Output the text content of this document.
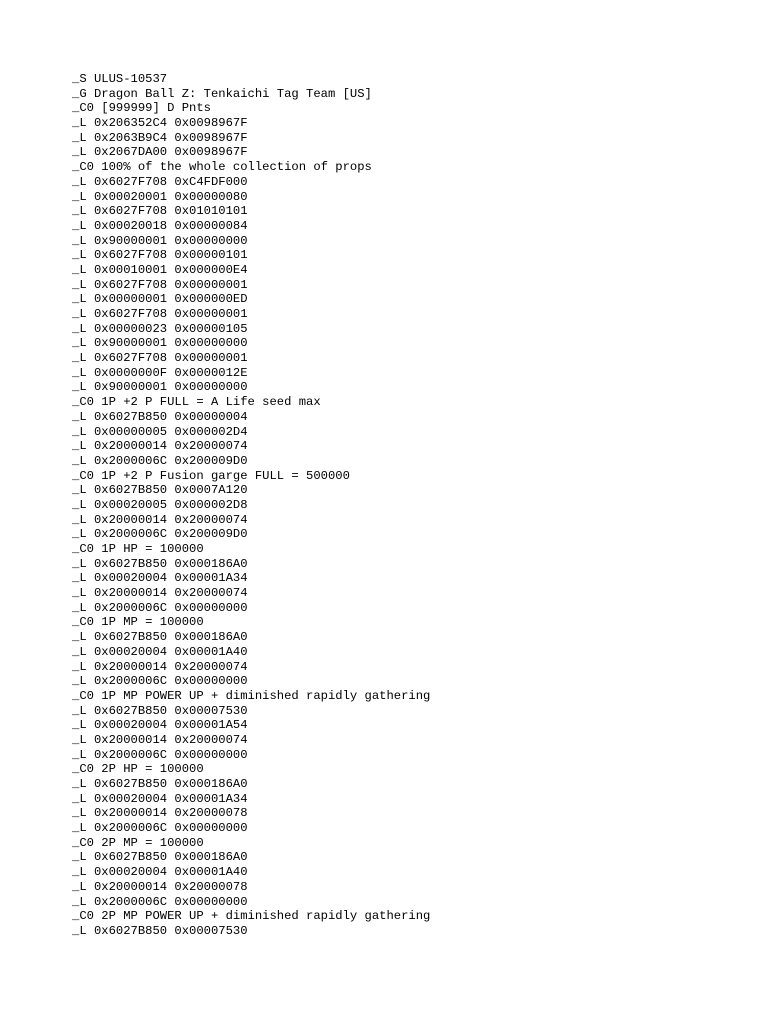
_S ULUS-10537
_G Dragon Ball Z: Tenkaichi Tag Team [US]
_C0 [999999] D Pnts
_L 0x206352C4 0x0098967F
_L 0x2063B9C4 0x0098967F
_L 0x2067DA00 0x0098967F
_C0 100% of the whole collection of props
_L 0x6027F708 0xC4FDF000
_L 0x00020001 0x00000080
_L 0x6027F708 0x01010101
_L 0x00020018 0x00000084
_L 0x90000001 0x00000000
_L 0x6027F708 0x00000101
_L 0x00010001 0x000000E4
_L 0x6027F708 0x00000001
_L 0x00000001 0x000000ED
_L 0x6027F708 0x00000001
_L 0x00000023 0x00000105
_L 0x90000001 0x00000000
_L 0x6027F708 0x00000001
_L 0x0000000F 0x0000012E
_L 0x90000001 0x00000000
_C0 1P +2 P FULL = A Life seed max
_L 0x6027B850 0x00000004
_L 0x00000005 0x000002D4
_L 0x20000014 0x20000074
_L 0x2000006C 0x200009D0
_C0 1P +2 P Fusion garge FULL = 500000
_L 0x6027B850 0x0007A120
_L 0x00020005 0x000002D8
_L 0x20000014 0x20000074
_L 0x2000006C 0x200009D0
_C0 1P HP = 100000
_L 0x6027B850 0x000186A0
_L 0x00020004 0x00001A34
_L 0x20000014 0x20000074
_L 0x2000006C 0x00000000
_C0 1P MP = 100000
_L 0x6027B850 0x000186A0
_L 0x00020004 0x00001A40
_L 0x20000014 0x20000074
_L 0x2000006C 0x00000000
_C0 1P MP POWER UP + diminished rapidly gathering
_L 0x6027B850 0x00007530
_L 0x00020004 0x00001A54
_L 0x20000014 0x20000074
_L 0x2000006C 0x00000000
_C0 2P HP = 100000
_L 0x6027B850 0x000186A0
_L 0x00020004 0x00001A34
_L 0x20000014 0x20000078
_L 0x2000006C 0x00000000
_C0 2P MP = 100000
_L 0x6027B850 0x000186A0
_L 0x00020004 0x00001A40
_L 0x20000014 0x20000078
_L 0x2000006C 0x00000000
_C0 2P MP POWER UP + diminished rapidly gathering
_L 0x6027B850 0x00007530
